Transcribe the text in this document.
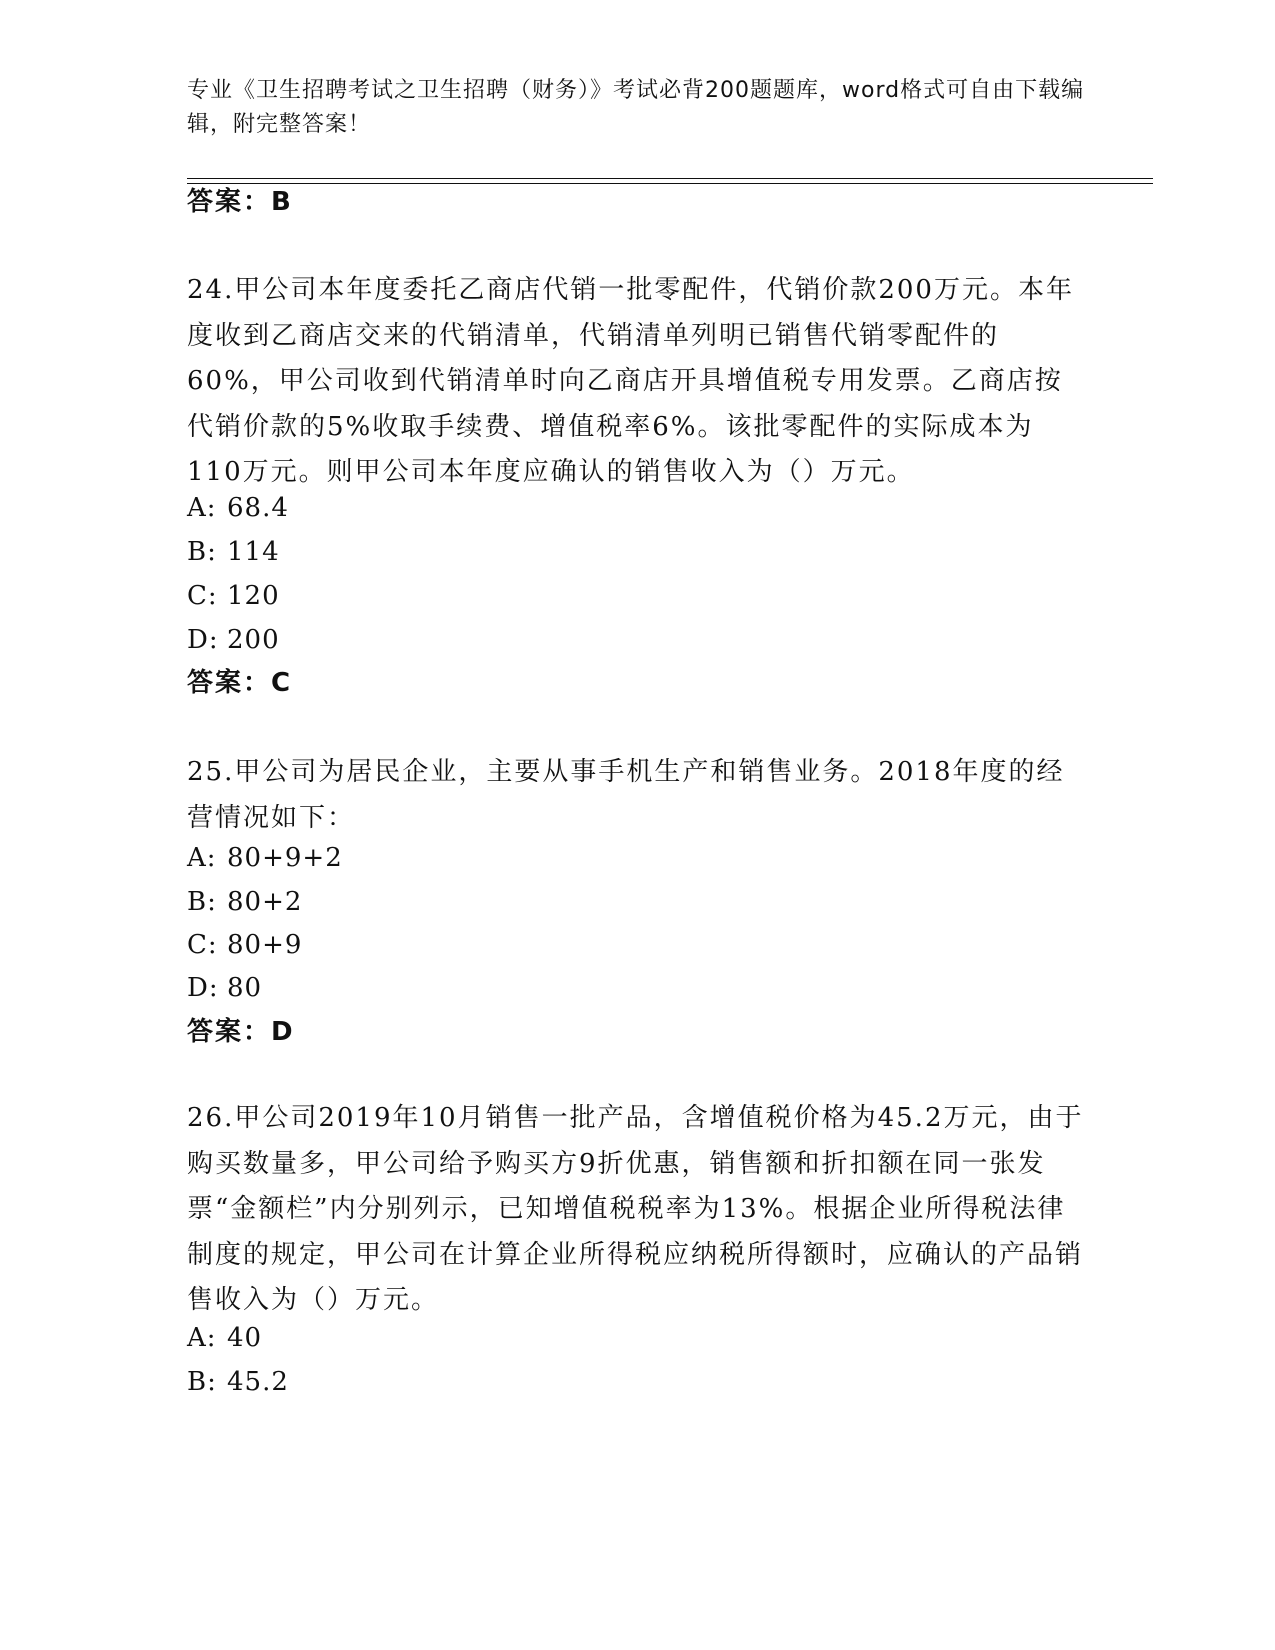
专业《卫生招聘考试之卫生招聘（财务）》考试必背200题题库，word格式可自由下载编辑，附完整答案！
答案：B
24.甲公司本年度委托乙商店代销一批零配件，代销价款200万元。本年度收到乙商店交来的代销清单，代销清单列明已销售代销零配件的60%，甲公司收到代销清单时向乙商店开具增值税专用发票。乙商店按代销价款的5%收取手续费、增值税率6%。该批零配件的实际成本为110万元。则甲公司本年度应确认的销售收入为（）万元。
A: 68.4
B: 114
C: 120
D: 200
答案：C
25.甲公司为居民企业，主要从事手机生产和销售业务。2018年度的经营情况如下：
A: 80+9+2
B: 80+2
C: 80+9
D: 80
答案：D
26.甲公司2019年10月销售一批产品，含增值税价格为45.2万元，由于购买数量多，甲公司给予购买方9折优惠，销售额和折扣额在同一张发票“金额栏”内分别列示，已知增值税税率为13%。根据企业所得税法律制度的规定，甲公司在计算企业所得税应纳税所得额时，应确认的产品销售收入为（）万元。
A: 40
B: 45.2
